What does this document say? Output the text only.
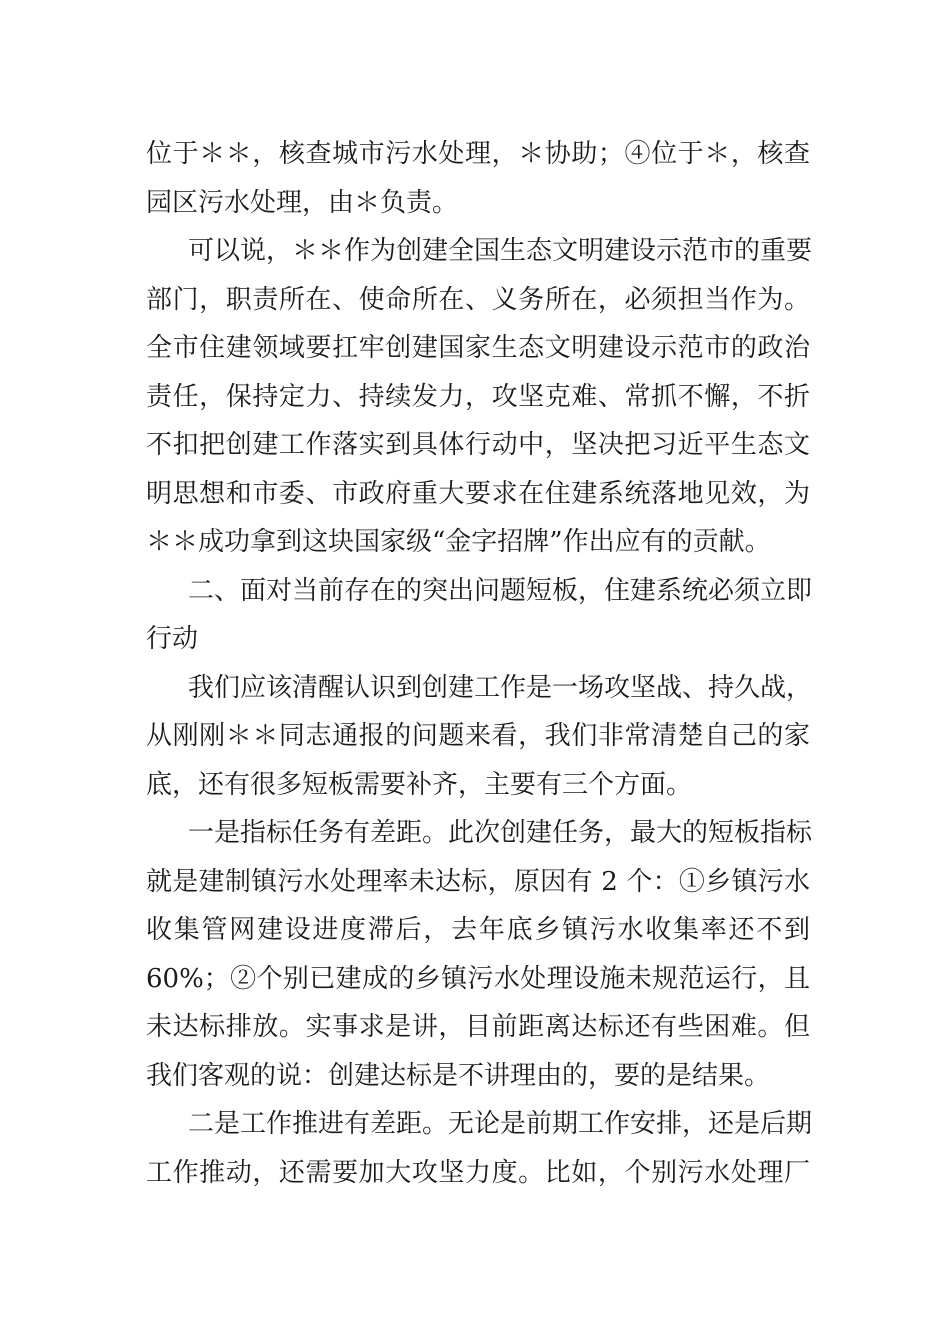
位于＊＊，核查城市污水处理，＊协助；④位于＊，核查
园区污水处理，由＊负责。
可以说，＊＊作为创建全国生态文明建设示范市的重要
部门，职责所在、使命所在、义务所在，必须担当作为。
全市住建领域要扛牢创建国家生态文明建设示范市的政治
责任，保持定力、持续发力，攻坚克难、常抓不懈，不折
不扣把创建工作落实到具体行动中，坚决把习近平生态文
明思想和市委、市政府重大要求在住建系统落地见效，为
＊＊成功拿到这块国家级“金字招牌”作出应有的贡献。
二、面对当前存在的突出问题短板，住建系统必须立即
行动
我们应该清醒认识到创建工作是一场攻坚战、持久战，
从刚刚＊＊同志通报的问题来看，我们非常清楚自己的家
底，还有很多短板需要补齐，主要有三个方面。
一是指标任务有差距。此次创建任务，最大的短板指标
就是建制镇污水处理率未达标，原因有 2 个：①乡镇污水
收集管网建设进度滞后，去年底乡镇污水收集率还不到
60%；②个别已建成的乡镇污水处理设施未规范运行，且
未达标排放。实事求是讲，目前距离达标还有些困难。但
我们客观的说：创建达标是不讲理由的，要的是结果。
二是工作推进有差距。无论是前期工作安排，还是后期
工作推动，还需要加大攻坚力度。比如，个别污水处理厂
